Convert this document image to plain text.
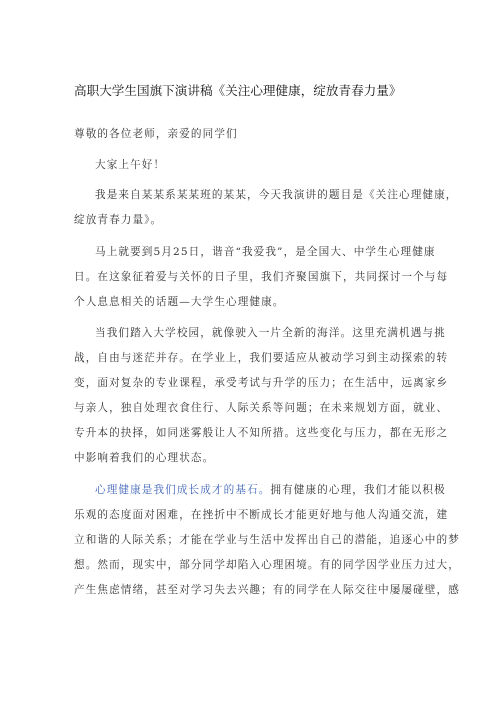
高职大学生国旗下演讲稿《关注心理健康，绽放青春力量》
尊敬的各位老师，亲爱的同学们
大家上午好！
我是来自某某系某某班的某某，今天我演讲的题目是《关注心理健康，
绽放青春力量》。
马上就要到5月25日，谐音“我爱我”，是全国大、中学生心理健康
日。在这象征着爱与关怀的日子里，我们齐聚国旗下，共同探讨一个与每
个人息息相关的话题—大学生心理健康。
当我们踏入大学校园，就像驶入一片全新的海洋。这里充满机遇与挑
战，自由与迷茫并存。在学业上，我们要适应从被动学习到主动探索的转
变，面对复杂的专业课程，承受考试与升学的压力；在生活中，远离家乡
与亲人，独自处理衣食住行、人际关系等问题；在未来规划方面，就业、
专升本的抉择，如同迷雾般让人不知所措。这些变化与压力，都在无形之
中影响着我们的心理状态。
心理健康是我们成长成才的基石。拥有健康的心理，我们才能以积极
乐观的态度面对困难，在挫折中不断成长才能更好地与他人沟通交流，建
立和谐的人际关系；才能在学业与生活中发挥出自己的潜能，追逐心中的梦
想。然而，现实中，部分同学却陷入心理困境。有的同学因学业压力过大，
产生焦虑情绪，甚至对学习失去兴趣；有的同学在人际交往中屡屡碰壁，感
